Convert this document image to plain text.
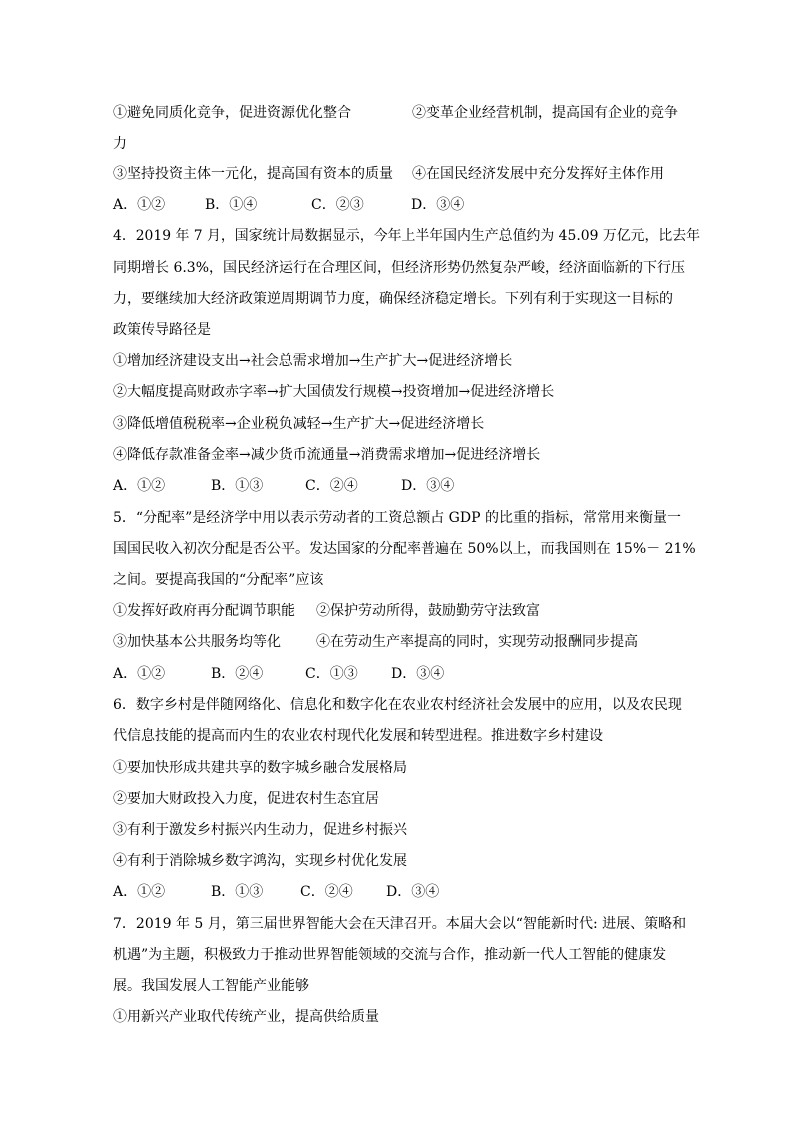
①避免同质化竞争，促进资源优化整合	②变革企业经营机制，提高国有企业的竞争
力
③坚持投资主体一元化，提高国有资本的质量 ④在国民经济发展中充分发挥好主体作用
A．①②	B．①④	C．②③	D．③④
4．2019 年 7 月，国家统计局数据显示，今年上半年国内生产总值约为 45.09 万亿元，比去年
同期增长 6.3%，国民经济运行在合理区间，但经济形势仍然复杂严峻，经济面临新的下行压
力，要继续加大经济政策逆周期调节力度，确保经济稳定增长。下列有利于实现这一目标的
政策传导路径是
①增加经济建设支出→社会总需求增加→生产扩大→促进经济增长
②大幅度提高财政赤字率→扩大国债发行规模→投资增加→促进经济增长
③降低增值税税率→企业税负减轻→生产扩大→促进经济增长
④降低存款准备金率→减少货币流通量→消费需求增加→促进经济增长
A．①②	B．①③	C．②④	D．③④
5．“分配率”是经济学中用以表示劳动者的工资总额占 GDP 的比重的指标，常常用来衡量一
国国民收入初次分配是否公平。发达国家的分配率普遍在 50%以上，而我国则在 15%－ 21%
之间。要提高我国的“分配率”应该
①发挥好政府再分配调节职能 ②保护劳动所得，鼓励勤劳守法致富
③加快基本公共服务均等化	④在劳动生产率提高的同时，实现劳动报酬同步提高
A．①②	B．②④	C．①③ D．③④
6．数字乡村是伴随网络化、信息化和数字化在农业农村经济社会发展中的应用，以及农民现
代信息技能的提高而内生的农业农村现代化发展和转型进程。推进数字乡村建设
①要加快形成共建共享的数字城乡融合发展格局
②要加大财政投入力度，促进农村生态宜居
③有利于激发乡村振兴内生动力，促进乡村振兴
④有利于消除城乡数字鸿沟，实现乡村优化发展
A．①②	B．①③	C．②④ D．③④
7．2019 年 5 月，第三届世界智能大会在天津召开。本届大会以“智能新时代: 进展、策略和
机遇”为主题，积极致力于推动世界智能领域的交流与合作，推动新一代人工智能的健康发
展。我国发展人工智能产业能够
①用新兴产业取代传统产业，提高供给质量
